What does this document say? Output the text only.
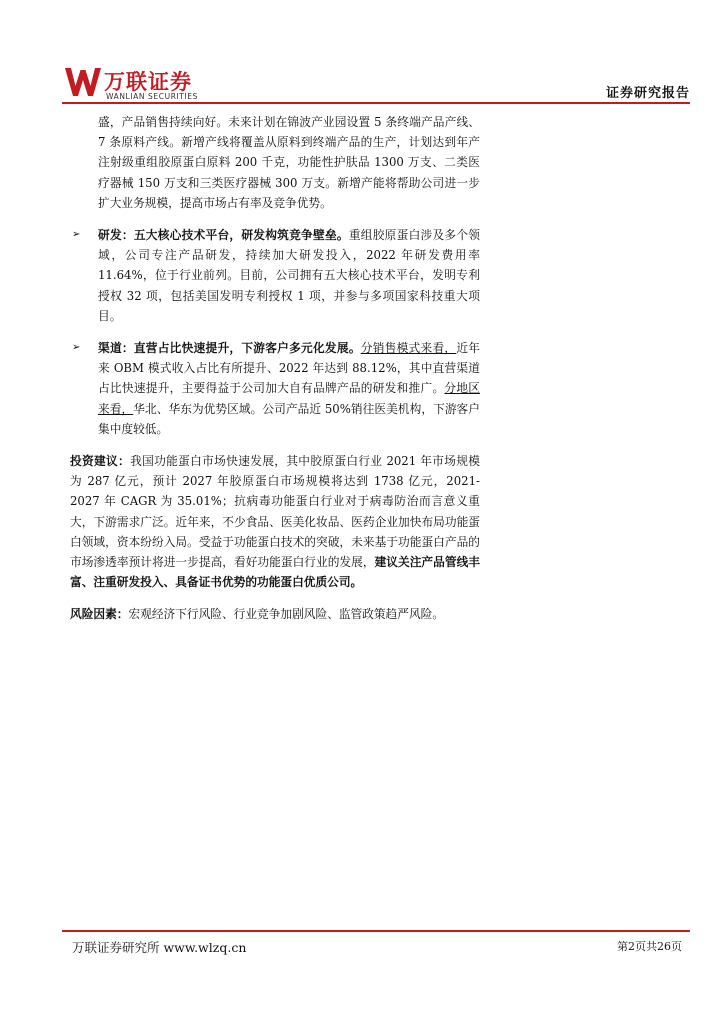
万联证券
WANLIAN SECURITIES	证券研究报告

盛，产品销售持续向好。未来计划在锦波产业园设置 5 条终端产品产线、7 条原料产线。新增产线将覆盖从原料到终端产品的生产，计划达到年产注射级重组胶原蛋白原料 200 千克，功能性护肤品 1300 万支、二类医疗器械 150 万支和三类医疗器械 300 万支。新增产能将帮助公司进一步扩大业务规模，提高市场占有率及竞争优势。

➢ 研发：五大核心技术平台，研发构筑竞争壁垒。重组胶原蛋白涉及多个领域，公司专注产品研发，持续加大研发投入，2022 年研发费用率 11.64%，位于行业前列。目前，公司拥有五大核心技术平台，发明专利授权 32 项，包括美国发明专利授权 1 项，并参与多项国家科技重大项目。

➢ 渠道：直营占比快速提升，下游客户多元化发展。分销售模式来看，近年来 OBM 模式收入占比有所提升、2022 年达到 88.12%，其中直营渠道占比快速提升，主要得益于公司加大自有品牌产品的研发和推广。分地区来看，华北、华东为优势区域。公司产品近 50%销往医美机构，下游客户集中度较低。

投资建议：我国功能蛋白市场快速发展，其中胶原蛋白行业 2021 年市场规模为 287 亿元，预计 2027 年胶原蛋白市场规模将达到 1738 亿元，2021-2027 年 CAGR 为 35.01%；抗病毒功能蛋白行业对于病毒防治而言意义重大，下游需求广泛。近年来，不少食品、医美化妆品、医药企业加快布局功能蛋白领域，资本纷纷入局。受益于功能蛋白技术的突破，未来基于功能蛋白产品的市场渗透率预计将进一步提高，看好功能蛋白行业的发展，建议关注产品管线丰富、注重研发投入、具备证书优势的功能蛋白优质公司。

风险因素：宏观经济下行风险、行业竞争加剧风险、监管政策趋严风险。

万联证券研究所 www.wlzq.cn	第2页共26页
